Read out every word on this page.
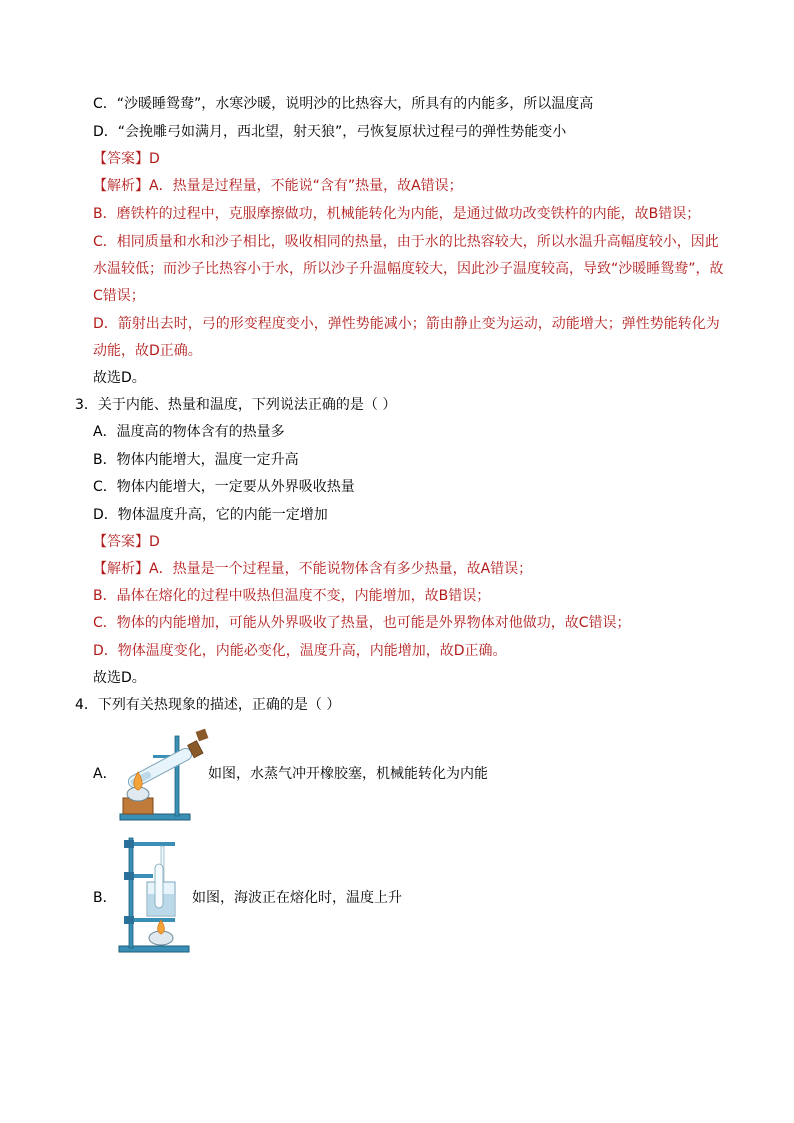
C．“沙暖睡鸳鸯”，水寒沙暖，说明沙的比热容大，所具有的内能多，所以温度高
D．“会挽雕弓如满月，西北望，射天狼”，弓恢复原状过程弓的弹性势能变小
【答案】D
【解析】A．热量是过程量，不能说“含有”热量，故A错误；
B．磨铁杵的过程中，克服摩擦做功，机械能转化为内能，是通过做功改变铁杵的内能，故B错误；
C．相同质量和水和沙子相比，吸收相同的热量，由于水的比热容较大，所以水温升高幅度较小，因此
水温较低；而沙子比热容小于水，所以沙子升温幅度较大，因此沙子温度较高，导致“沙暖睡鸳鸯”，故
C错误；
D．箭射出去时，弓的形变程度变小，弹性势能减小；箭由静止变为运动，动能增大；弹性势能转化为
动能，故D正确。
故选D。
3．关于内能、热量和温度，下列说法正确的是（ ）
A．温度高的物体含有的热量多
B．物体内能增大，温度一定升高
C．物体内能增大，一定要从外界吸收热量
D．物体温度升高，它的内能一定增加
【答案】D
【解析】A．热量是一个过程量，不能说物体含有多少热量，故A错误；
B．晶体在熔化的过程中吸热但温度不变，内能增加，故B错误；
C．物体的内能增加，可能从外界吸收了热量，也可能是外界物体对他做功，故C错误；
D．物体温度变化，内能必变化，温度升高，内能增加，故D正确。
故选D。
4．下列有关热现象的描述，正确的是（ ）
A．	如图，水蒸气冲开橡胶塞，机械能转化为内能
B．	如图，海波正在熔化时，温度上升
